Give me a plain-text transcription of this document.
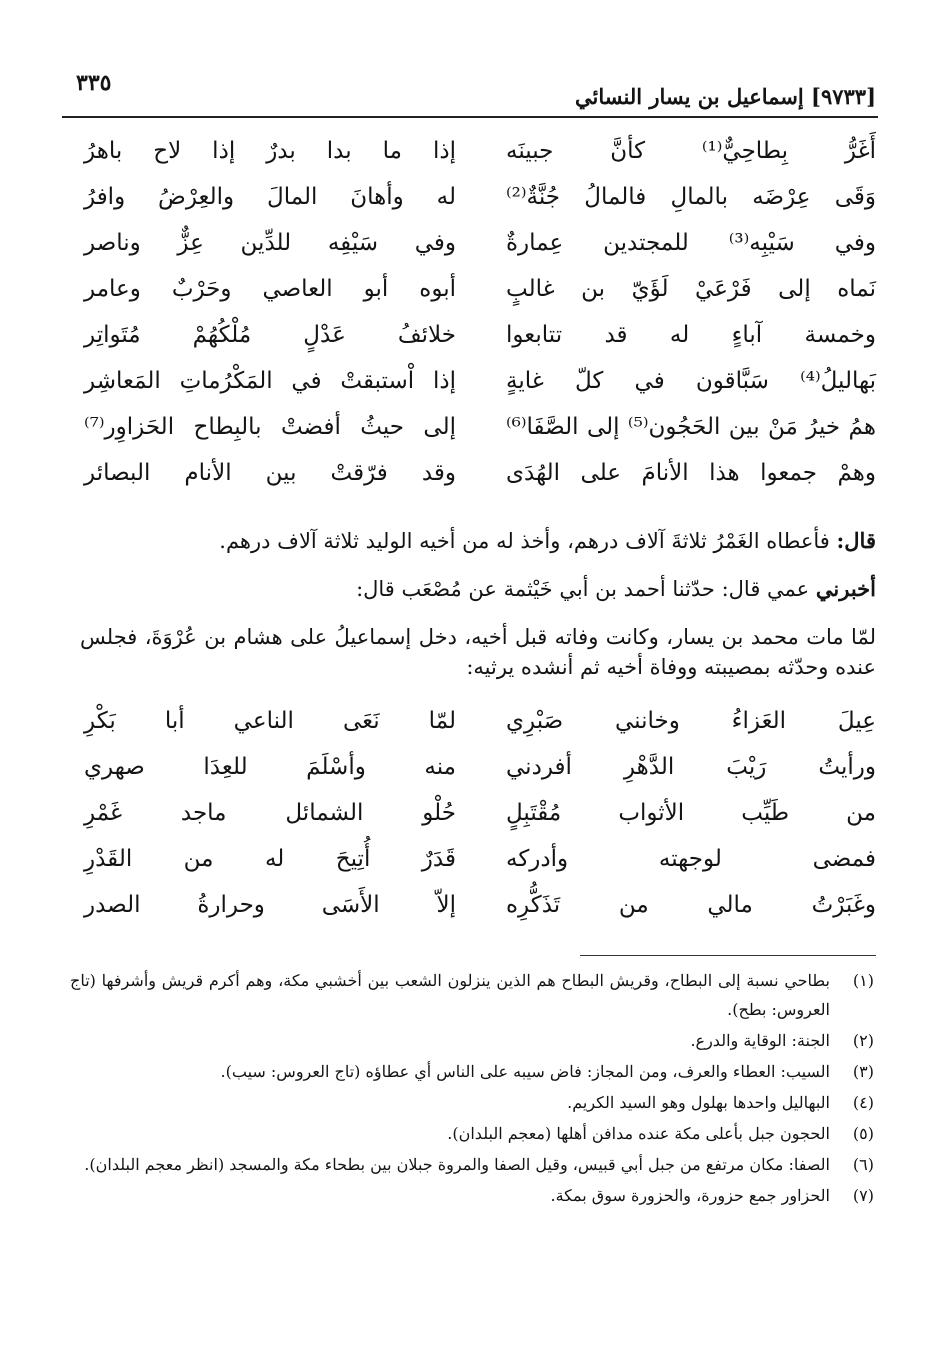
[٩٧٣٣] إسماعيل بن يسار النسائي
٣٣٥
أَغَرُّ بِطاحِيٌّ⁽¹⁾ كأنَّ جبينَه
إذا ما بدا بدرٌ إذا لاح باهرُ
وَقَى عِرْضَه بالمالِ فالمالُ جُنَّةٌ⁽²⁾
له وأهانَ المالَ والعِرْضُ وافرُ
وفي سَيْبِه⁽³⁾ للمجتدين عِمارةٌ
وفي سَيْفِه للدِّين عِزٌّ وناصر
نَماه إلى فَرْعَيْ لَؤَيّ بن غالبٍ
أبوه أبو العاصي وحَرْبٌ وعامر
وخمسة آباءٍ له قد تتابعوا
خلائفُ عَدْلٍ مُلْكُهُمْ مُتَواتِر
بَهاليلُ⁽⁴⁾ سَبَّاقون في كلّ غايةٍ
إذا اْستبقتْ في المَكْرُماتِ المَعاشِر
همُ خيرُ مَنْ بين الحَجُون⁽⁵⁾ إلى الصَّفَا⁽⁶⁾
إلى حيثُ أفضتْ بالبِطاح الحَزاوِر⁽⁷⁾
وهمْ جمعوا هذا الأنامَ على الهُدَى
وقد فرّقتْ بين الأنام البصائر
قال: فأعطاه الغَمْرُ ثلاثةَ آلاف درهم، وأخذ له من أخيه الوليد ثلاثة آلاف درهم.
أخبرني عمي قال: حدّثنا أحمد بن أبي خَيْثمة عن مُصْعَب قال:
لمّا مات محمد بن يسار، وكانت وفاته قبل أخيه، دخل إسماعيلُ على هشام بن عُرْوَةَ، فجلس عنده وحدّثه بمصيبته ووفاة أخيه ثم أنشده يرثيه:
عِيلَ العَزاءُ وخانني صَبْرِي
لمّا نَعَى الناعي أبا بَكْرِ
ورأيتُ رَيْبَ الدَّهْرِ أفردني
منه وأسْلَمَ للعِدَا صهري
من طَيِّب الأثواب مُقْتَبِلٍ
حُلْو الشمائل ماجد غَمْرِ
فمضى لوجهته وأدركه
قَدَرٌ أُتِيحَ له من القَدْرِ
وغَبَرْتُ مالي من تَذَكُّرِه
إلاّ الأَسَى وحرارةُ الصدر
(١)
بطاحي نسبة إلى البطاح، وقريش البطاح هم الذين ينزلون الشعب بين أخشبي مكة، وهم أكرم قريش وأشرفها (تاج العروس: بطح).
(٢)
الجنة: الوقاية والدرع.
(٣)
السيب: العطاء والعرف، ومن المجاز: فاض سيبه على الناس أي عطاؤه (تاج العروس: سيب).
(٤)
البهاليل واحدها بهلول وهو السيد الكريم.
(٥)
الحجون جبل بأعلى مكة عنده مدافن أهلها (معجم البلدان).
(٦)
الصفا: مكان مرتفع من جبل أبي قبيس، وقيل الصفا والمروة جبلان بين بطحاء مكة والمسجد (انظر معجم البلدان).
(٧)
الحزاور جمع حزورة، والحزورة سوق بمكة.
